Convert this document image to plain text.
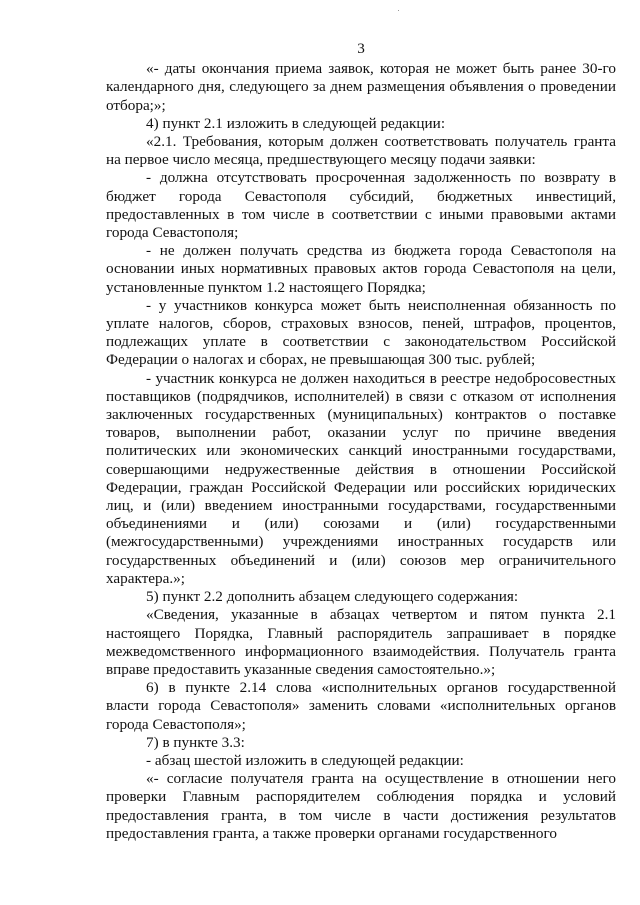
3

«- даты окончания приема заявок, которая не может быть ранее 30-го календарного дня, следующего за днем размещения объявления о проведении отбора;»;

4) пункт 2.1 изложить в следующей редакции:

«2.1. Требования, которым должен соответствовать получатель гранта на первое число месяца, предшествующего месяцу подачи заявки:

- должна отсутствовать просроченная задолженность по возврату в бюджет города Севастополя субсидий, бюджетных инвестиций, предоставленных в том числе в соответствии с иными правовыми актами города Севастополя;

- не должен получать средства из бюджета города Севастополя на основании иных нормативных правовых актов города Севастополя на цели, установленные пунктом 1.2 настоящего Порядка;

- у участников конкурса может быть неисполненная обязанность по уплате налогов, сборов, страховых взносов, пеней, штрафов, процентов, подлежащих уплате в соответствии с законодательством Российской Федерации о налогах и сборах, не превышающая 300 тыс. рублей;

- участник конкурса не должен находиться в реестре недобросовестных поставщиков (подрядчиков, исполнителей) в связи с отказом от исполнения заключенных государственных (муниципальных) контрактов о поставке товаров, выполнении работ, оказании услуг по причине введения политических или экономических санкций иностранными государствами, совершающими недружественные действия в отношении Российской Федерации, граждан Российской Федерации или российских юридических лиц, и (или) введением иностранными государствами, государственными объединениями и (или) союзами и (или) государственными (межгосударственными) учреждениями иностранных государств или государственных объединений и (или) союзов мер ограничительного характера.»;

5) пункт 2.2 дополнить абзацем следующего содержания:

«Сведения, указанные в абзацах четвертом и пятом пункта 2.1 настоящего Порядка, Главный распорядитель запрашивает в порядке межведомственного информационного взаимодействия. Получатель гранта вправе предоставить указанные сведения самостоятельно.»;

6) в пункте 2.14 слова «исполнительных органов государственной власти города Севастополя» заменить словами «исполнительных органов города Севастополя»;

7) в пункте 3.3:

- абзац шестой изложить в следующей редакции:

«- согласие получателя гранта на осуществление в отношении него проверки Главным распорядителем соблюдения порядка и условий предоставления гранта, в том числе в части достижения результатов предоставления гранта, а также проверки органами государственного
